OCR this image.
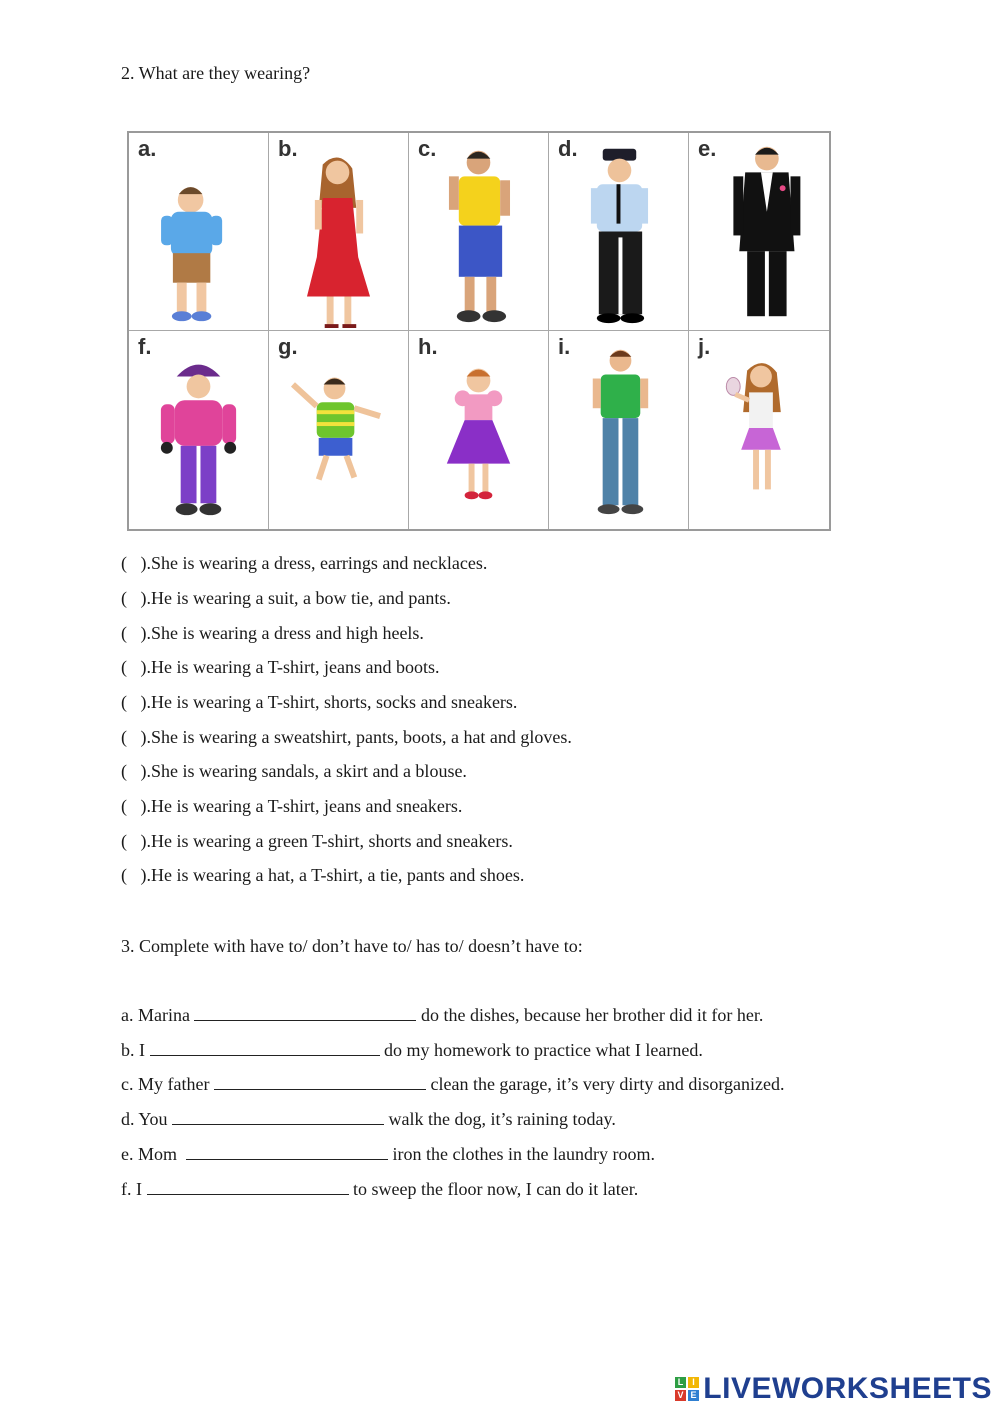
2. What are they wearing?
a.	b.	c.	d.	e.
f.	g.	h.	i.	j.
(   ).She is wearing a dress, earrings and necklaces.
(   ).He is wearing a suit, a bow tie, and pants.
(   ).She is wearing a dress and high heels.
(   ).He is wearing a T-shirt, jeans and boots.
(   ).He is wearing a T-shirt, shorts, socks and sneakers.
(   ).She is wearing a sweatshirt, pants, boots, a hat and gloves.
(   ).She is wearing sandals, a skirt and a blouse.
(   ).He is wearing a T-shirt, jeans and sneakers.
(   ).He is wearing a green T-shirt, shorts and sneakers.
(   ).He is wearing a hat, a T-shirt, a tie, pants and shoes.
3. Complete with have to/ don’t have to/ has to/ doesn’t have to:
a. Marina	do the dishes, because her brother did it for her.
b. I	do my homework to practice what I learned.
c. My father	clean the garage, it’s very dirty and disorganized.
d. You	walk the dog, it’s raining today.
e. Mom	iron the clothes in the laundry room.
f. I	to sweep the floor now, I can do it later.
L I
V E LIVEWORKSHEETS
